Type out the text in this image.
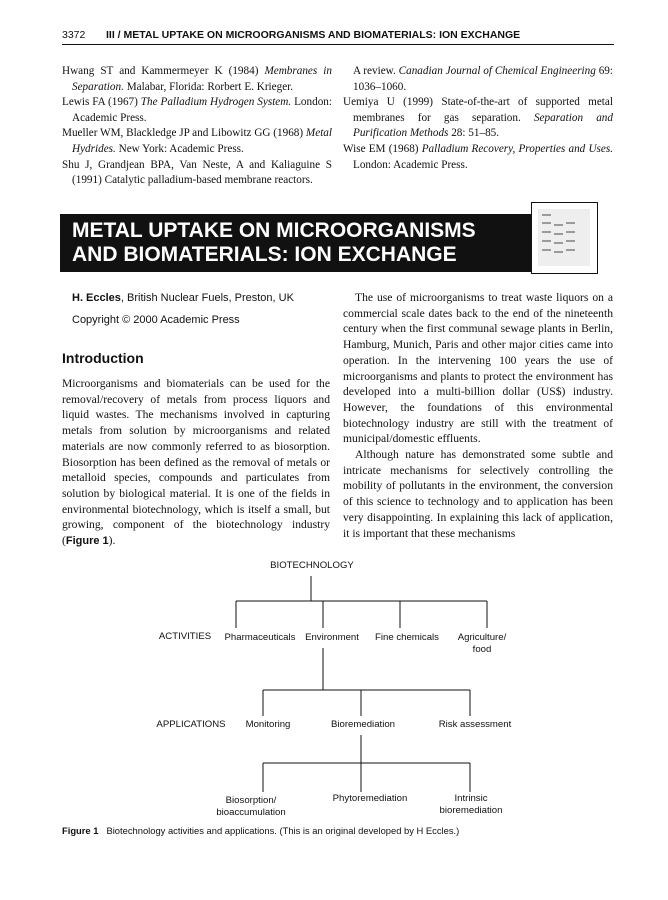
3372 III / METAL UPTAKE ON MICROORGANISMS AND BIOMATERIALS: ION EXCHANGE
Hwang ST and Kammermeyer K (1984) Membranes in Separation. Malabar, Florida: Rorbert E. Krieger.
Lewis FA (1967) The Palladium Hydrogen System. London: Academic Press.
Mueller WM, Blackledge JP and Libowitz GG (1968) Metal Hydrides. New York: Academic Press.
Shu J, Grandjean BPA, Van Neste, A and Kaliaguine S (1991) Catalytic palladium-based membrane reactors.
A review. Canadian Journal of Chemical Engineering 69: 1036–1060.
Uemiya U (1999) State-of-the-art of supported metal membranes for gas separation. Separation and Purification Methods 28: 51–85.
Wise EM (1968) Palladium Recovery, Properties and Uses. London: Academic Press.
METAL UPTAKE ON MICROORGANISMS
AND BIOMATERIALS: ION EXCHANGE
H. Eccles, British Nuclear Fuels, Preston, UK
Copyright © 2000 Academic Press
Introduction

Microorganisms and biomaterials can be used for the removal/recovery of metals from process liquors and liquid wastes. The mechanisms involved in capturing metals from solution by microorganisms and related materials are now commonly referred to as biosorption. Biosorption has been defined as the removal of metals or metalloid species, compounds and particulates from solution by biological material. It is one of the fields in environmental biotechnology, which is itself a small, but growing, component of the biotechnology industry (Figure 1).

The use of microorganisms to treat waste liquors on a commercial scale dates back to the end of the nineteenth century when the first communal sewage plants in Berlin, Hamburg, Munich, Paris and other major cities came into operation. In the intervening 100 years the use of microorganisms and plants to protect the environment has developed into a multi-billion dollar (US$) industry. However, the foundations of this environmental biotechnology industry are still with the treatment of municipal/domestic effluents.

Although nature has demonstrated some subtle and intricate mechanisms for selectively controlling the mobility of pollutants in the environment, the conversion of this science to technology and to application has been very disappointing. In explaining this lack of application, it is important that these mechanisms

BIOTECHNOLOGY
ACTIVITIES	Pharmaceuticals	Environment	Fine chemicals	Agriculture/
food
APPLICATIONS	Monitoring	Bioremediation	Risk assessment
Biosorption/
bioaccumulation
Phytoremediation	Intrinsic
bioremediation
Figure 1 Biotechnology activities and applications. (This is an original developed by H Eccles.)
